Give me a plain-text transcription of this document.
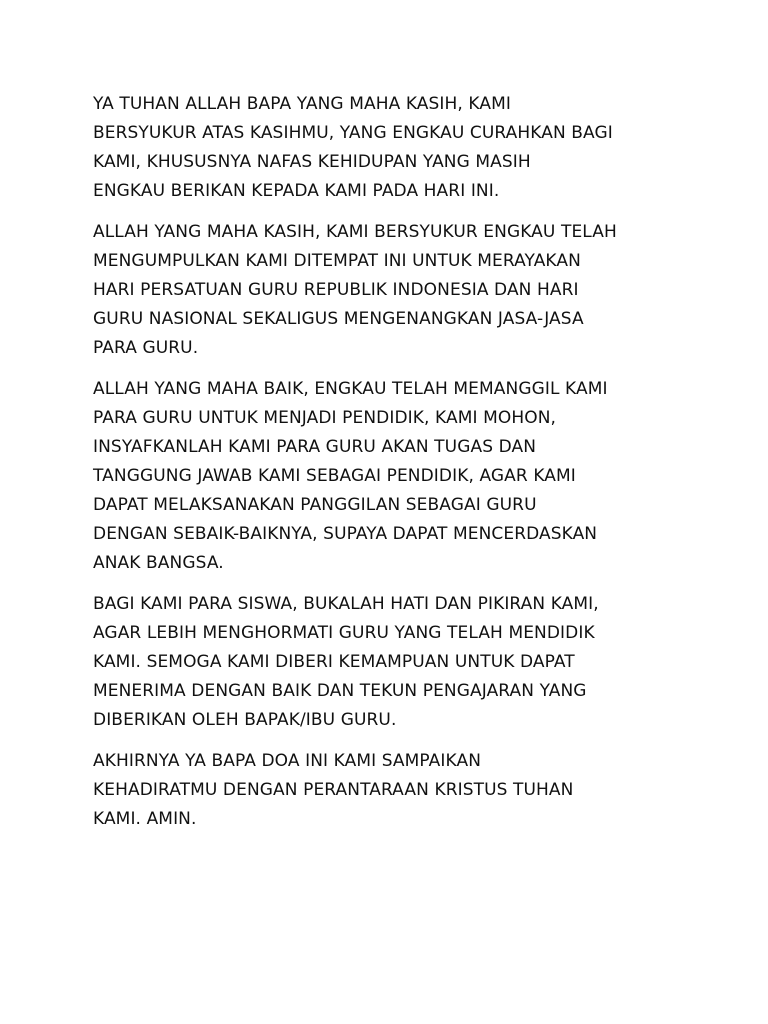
YA TUHAN ALLAH BAPA YANG MAHA KASIH, KAMI
BERSYUKUR ATAS KASIHMU, YANG ENGKAU CURAHKAN BAGI
KAMI, KHUSUSNYA NAFAS KEHIDUPAN YANG MASIH
ENGKAU BERIKAN KEPADA KAMI PADA HARI INI.

ALLAH YANG MAHA KASIH, KAMI BERSYUKUR ENGKAU TELAH
MENGUMPULKAN KAMI DITEMPAT INI UNTUK MERAYAKAN
HARI PERSATUAN GURU REPUBLIK INDONESIA DAN HARI
GURU NASIONAL SEKALIGUS MENGENANGKAN JASA-JASA
PARA GURU.

ALLAH YANG MAHA BAIK, ENGKAU TELAH MEMANGGIL KAMI
PARA GURU UNTUK MENJADI PENDIDIK, KAMI MOHON,
INSYAFKANLAH KAMI PARA GURU AKAN TUGAS DAN
TANGGUNG JAWAB KAMI SEBAGAI PENDIDIK, AGAR KAMI
DAPAT MELAKSANAKAN PANGGILAN SEBAGAI GURU
DENGAN SEBAIK-BAIKNYA, SUPAYA DAPAT MENCERDASKAN
ANAK BANGSA.

BAGI KAMI PARA SISWA, BUKALAH HATI DAN PIKIRAN KAMI,
AGAR LEBIH MENGHORMATI GURU YANG TELAH MENDIDIK
KAMI. SEMOGA KAMI DIBERI KEMAMPUAN UNTUK DAPAT
MENERIMA DENGAN BAIK DAN TEKUN PENGAJARAN YANG
DIBERIKAN OLEH BAPAK/IBU GURU.

AKHIRNYA YA BAPA DOA INI KAMI SAMPAIKAN
KEHADIRATMU DENGAN PERANTARAAN KRISTUS TUHAN
KAMI. AMIN.
